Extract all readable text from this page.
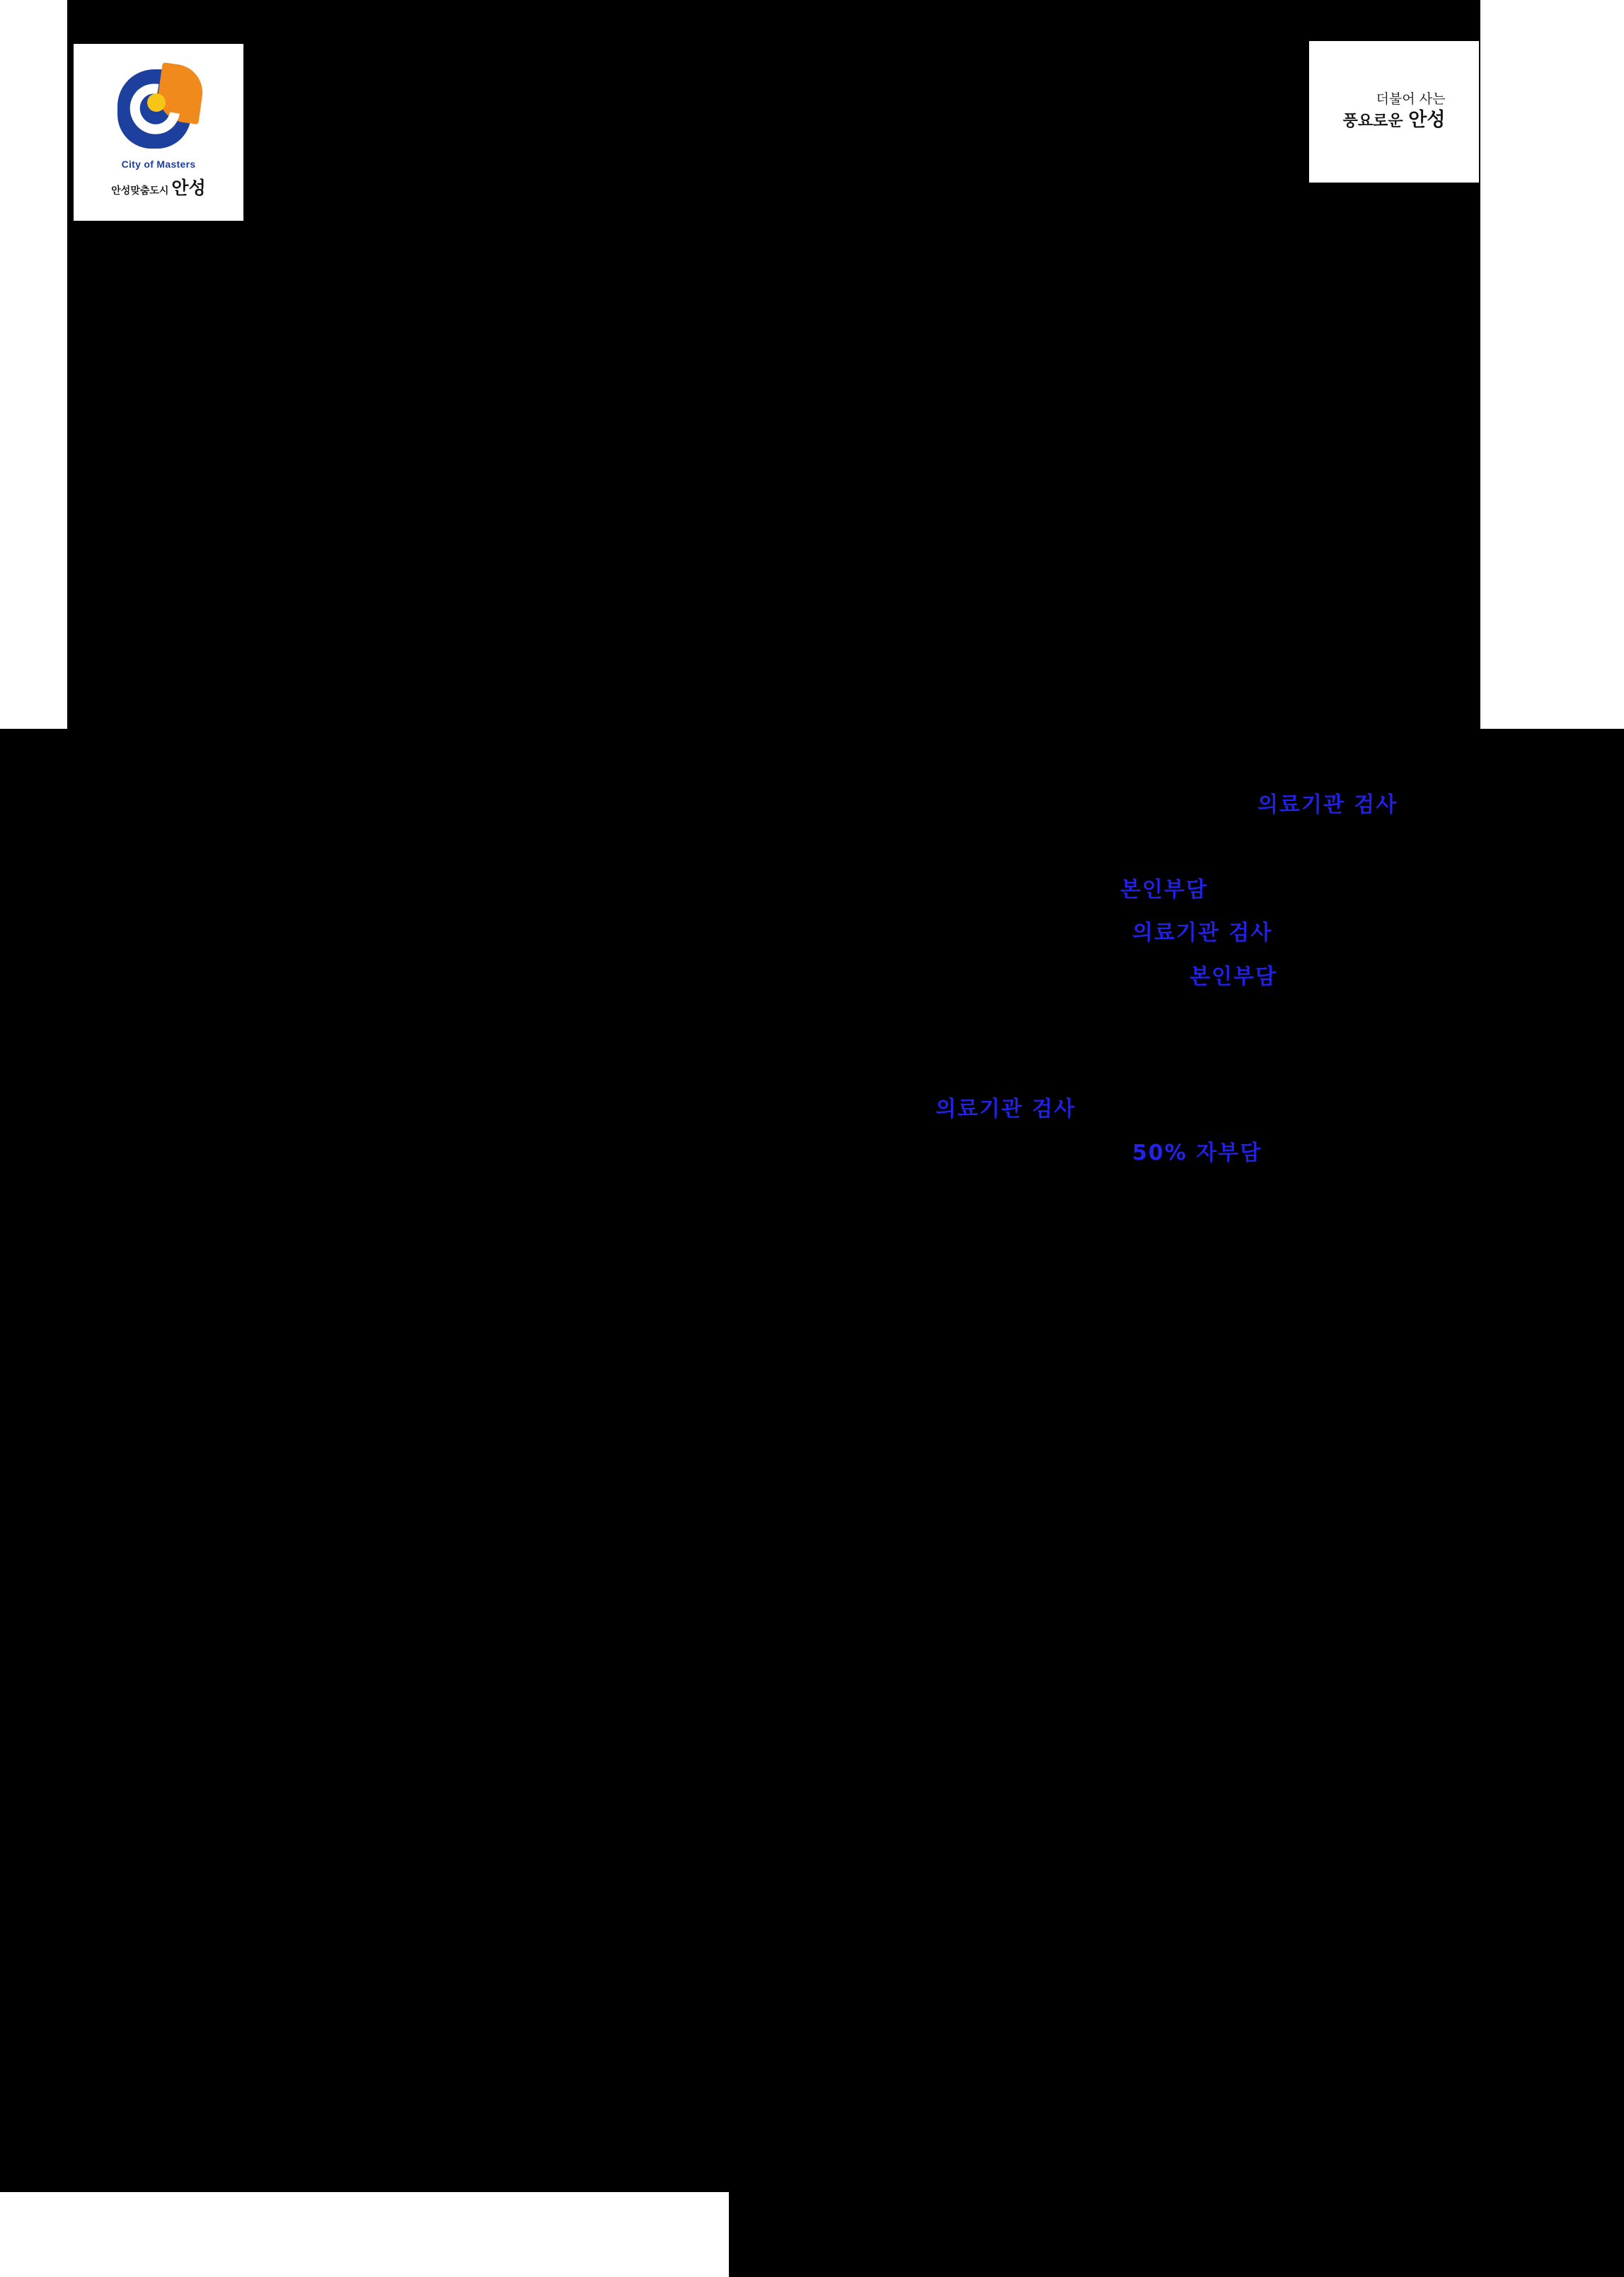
City of Masters
안성맞춤도시 안성
더불어 사는
풍요로운 안성
의료기관 검사
본인부담
의료기관 검사
본인부담
의료기관 검사
50% 자부담
